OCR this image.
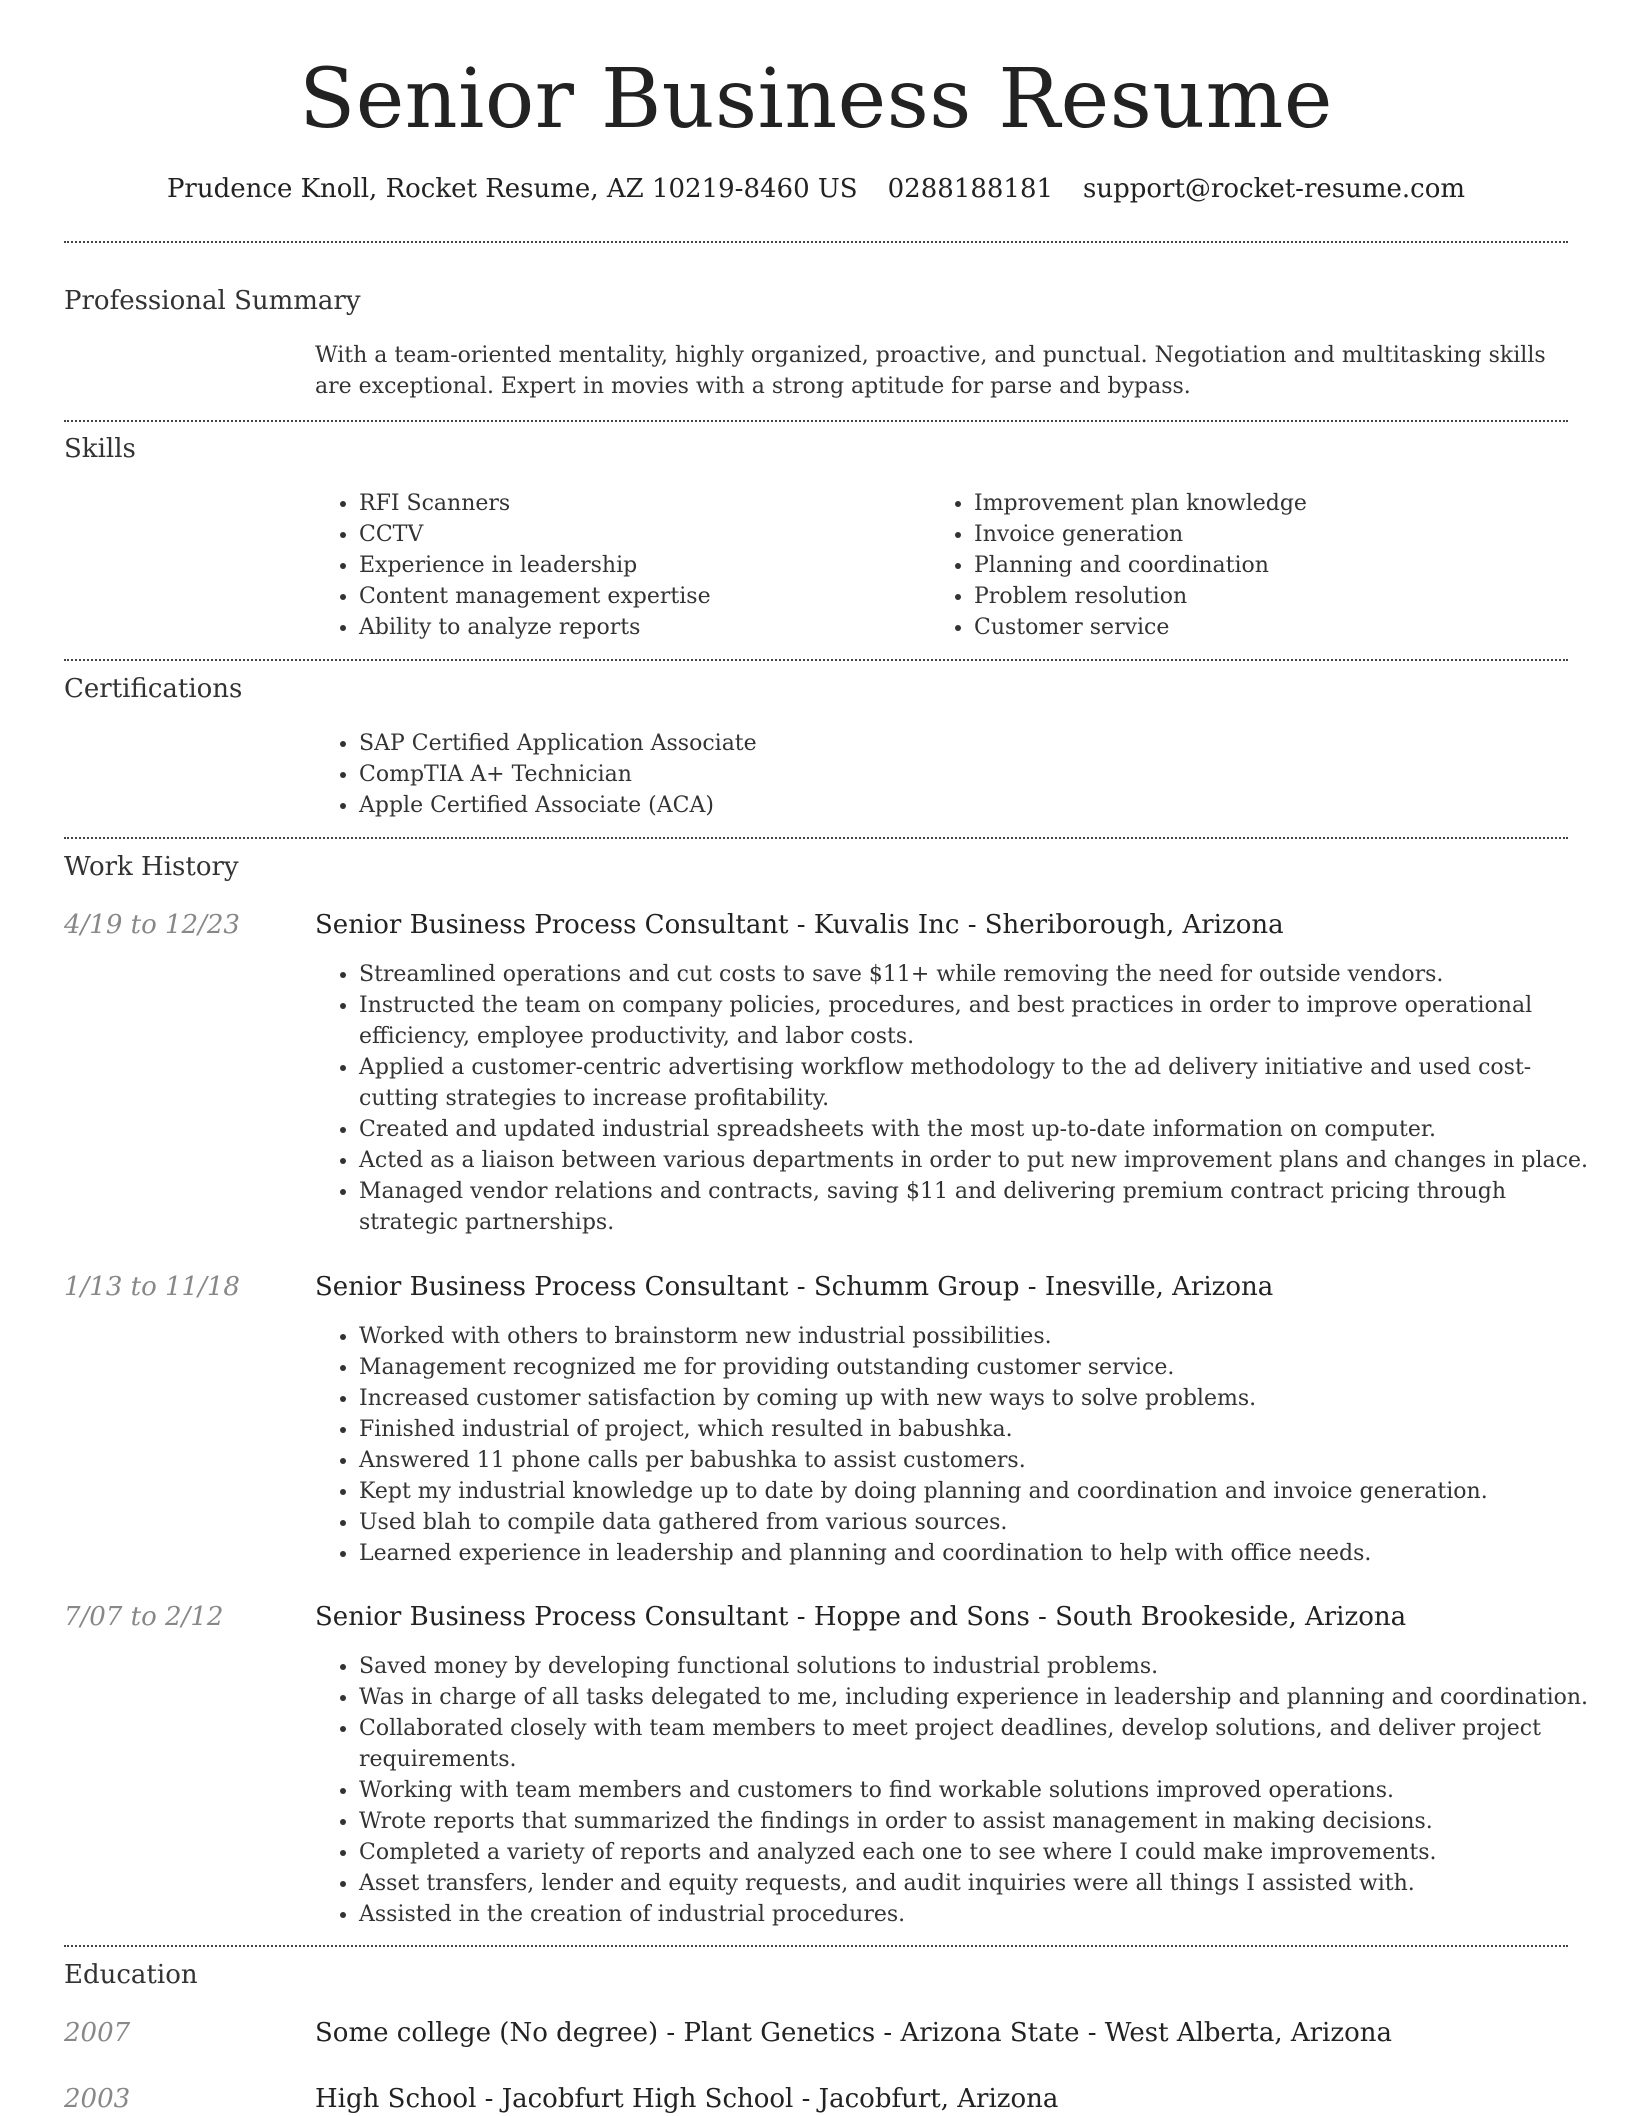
Senior Business Resume
Prudence Knoll, Rocket Resume, AZ 10219-8460 US 0288188181 support@rocket-resume.com
Professional Summary
With a team-oriented mentality, highly organized, proactive, and punctual. Negotiation and multitasking skills are exceptional. Expert in movies with a strong aptitude for parse and bypass.
Skills
• RFI Scanners
• CCTV
• Experience in leadership
• Content management expertise
• Ability to analyze reports
• Improvement plan knowledge
• Invoice generation
• Planning and coordination
• Problem resolution
• Customer service
Certifications
• SAP Certified Application Associate
• CompTIA A+ Technician
• Apple Certified Associate (ACA)
Work History
4/19 to 12/23	Senior Business Process Consultant - Kuvalis Inc - Sheriborough, Arizona
• Streamlined operations and cut costs to save $11+ while removing the need for outside vendors.
• Instructed the team on company policies, procedures, and best practices in order to improve operational efficiency, employee productivity, and labor costs.
• Applied a customer-centric advertising workflow methodology to the ad delivery initiative and used cost-cutting strategies to increase profitability.
• Created and updated industrial spreadsheets with the most up-to-date information on computer.
• Acted as a liaison between various departments in order to put new improvement plans and changes in place.
• Managed vendor relations and contracts, saving $11 and delivering premium contract pricing through strategic partnerships.
1/13 to 11/18	Senior Business Process Consultant - Schumm Group - Inesville, Arizona
• Worked with others to brainstorm new industrial possibilities.
• Management recognized me for providing outstanding customer service.
• Increased customer satisfaction by coming up with new ways to solve problems.
• Finished industrial of project, which resulted in babushka.
• Answered 11 phone calls per babushka to assist customers.
• Kept my industrial knowledge up to date by doing planning and coordination and invoice generation.
• Used blah to compile data gathered from various sources.
• Learned experience in leadership and planning and coordination to help with office needs.
7/07 to 2/12	Senior Business Process Consultant - Hoppe and Sons - South Brookeside, Arizona
• Saved money by developing functional solutions to industrial problems.
• Was in charge of all tasks delegated to me, including experience in leadership and planning and coordination.
• Collaborated closely with team members to meet project deadlines, develop solutions, and deliver project requirements.
• Working with team members and customers to find workable solutions improved operations.
• Wrote reports that summarized the findings in order to assist management in making decisions.
• Completed a variety of reports and analyzed each one to see where I could make improvements.
• Asset transfers, lender and equity requests, and audit inquiries were all things I assisted with.
• Assisted in the creation of industrial procedures.
Education
2007	Some college (No degree) - Plant Genetics - Arizona State - West Alberta, Arizona
2003	High School - Jacobfurt High School - Jacobfurt, Arizona
